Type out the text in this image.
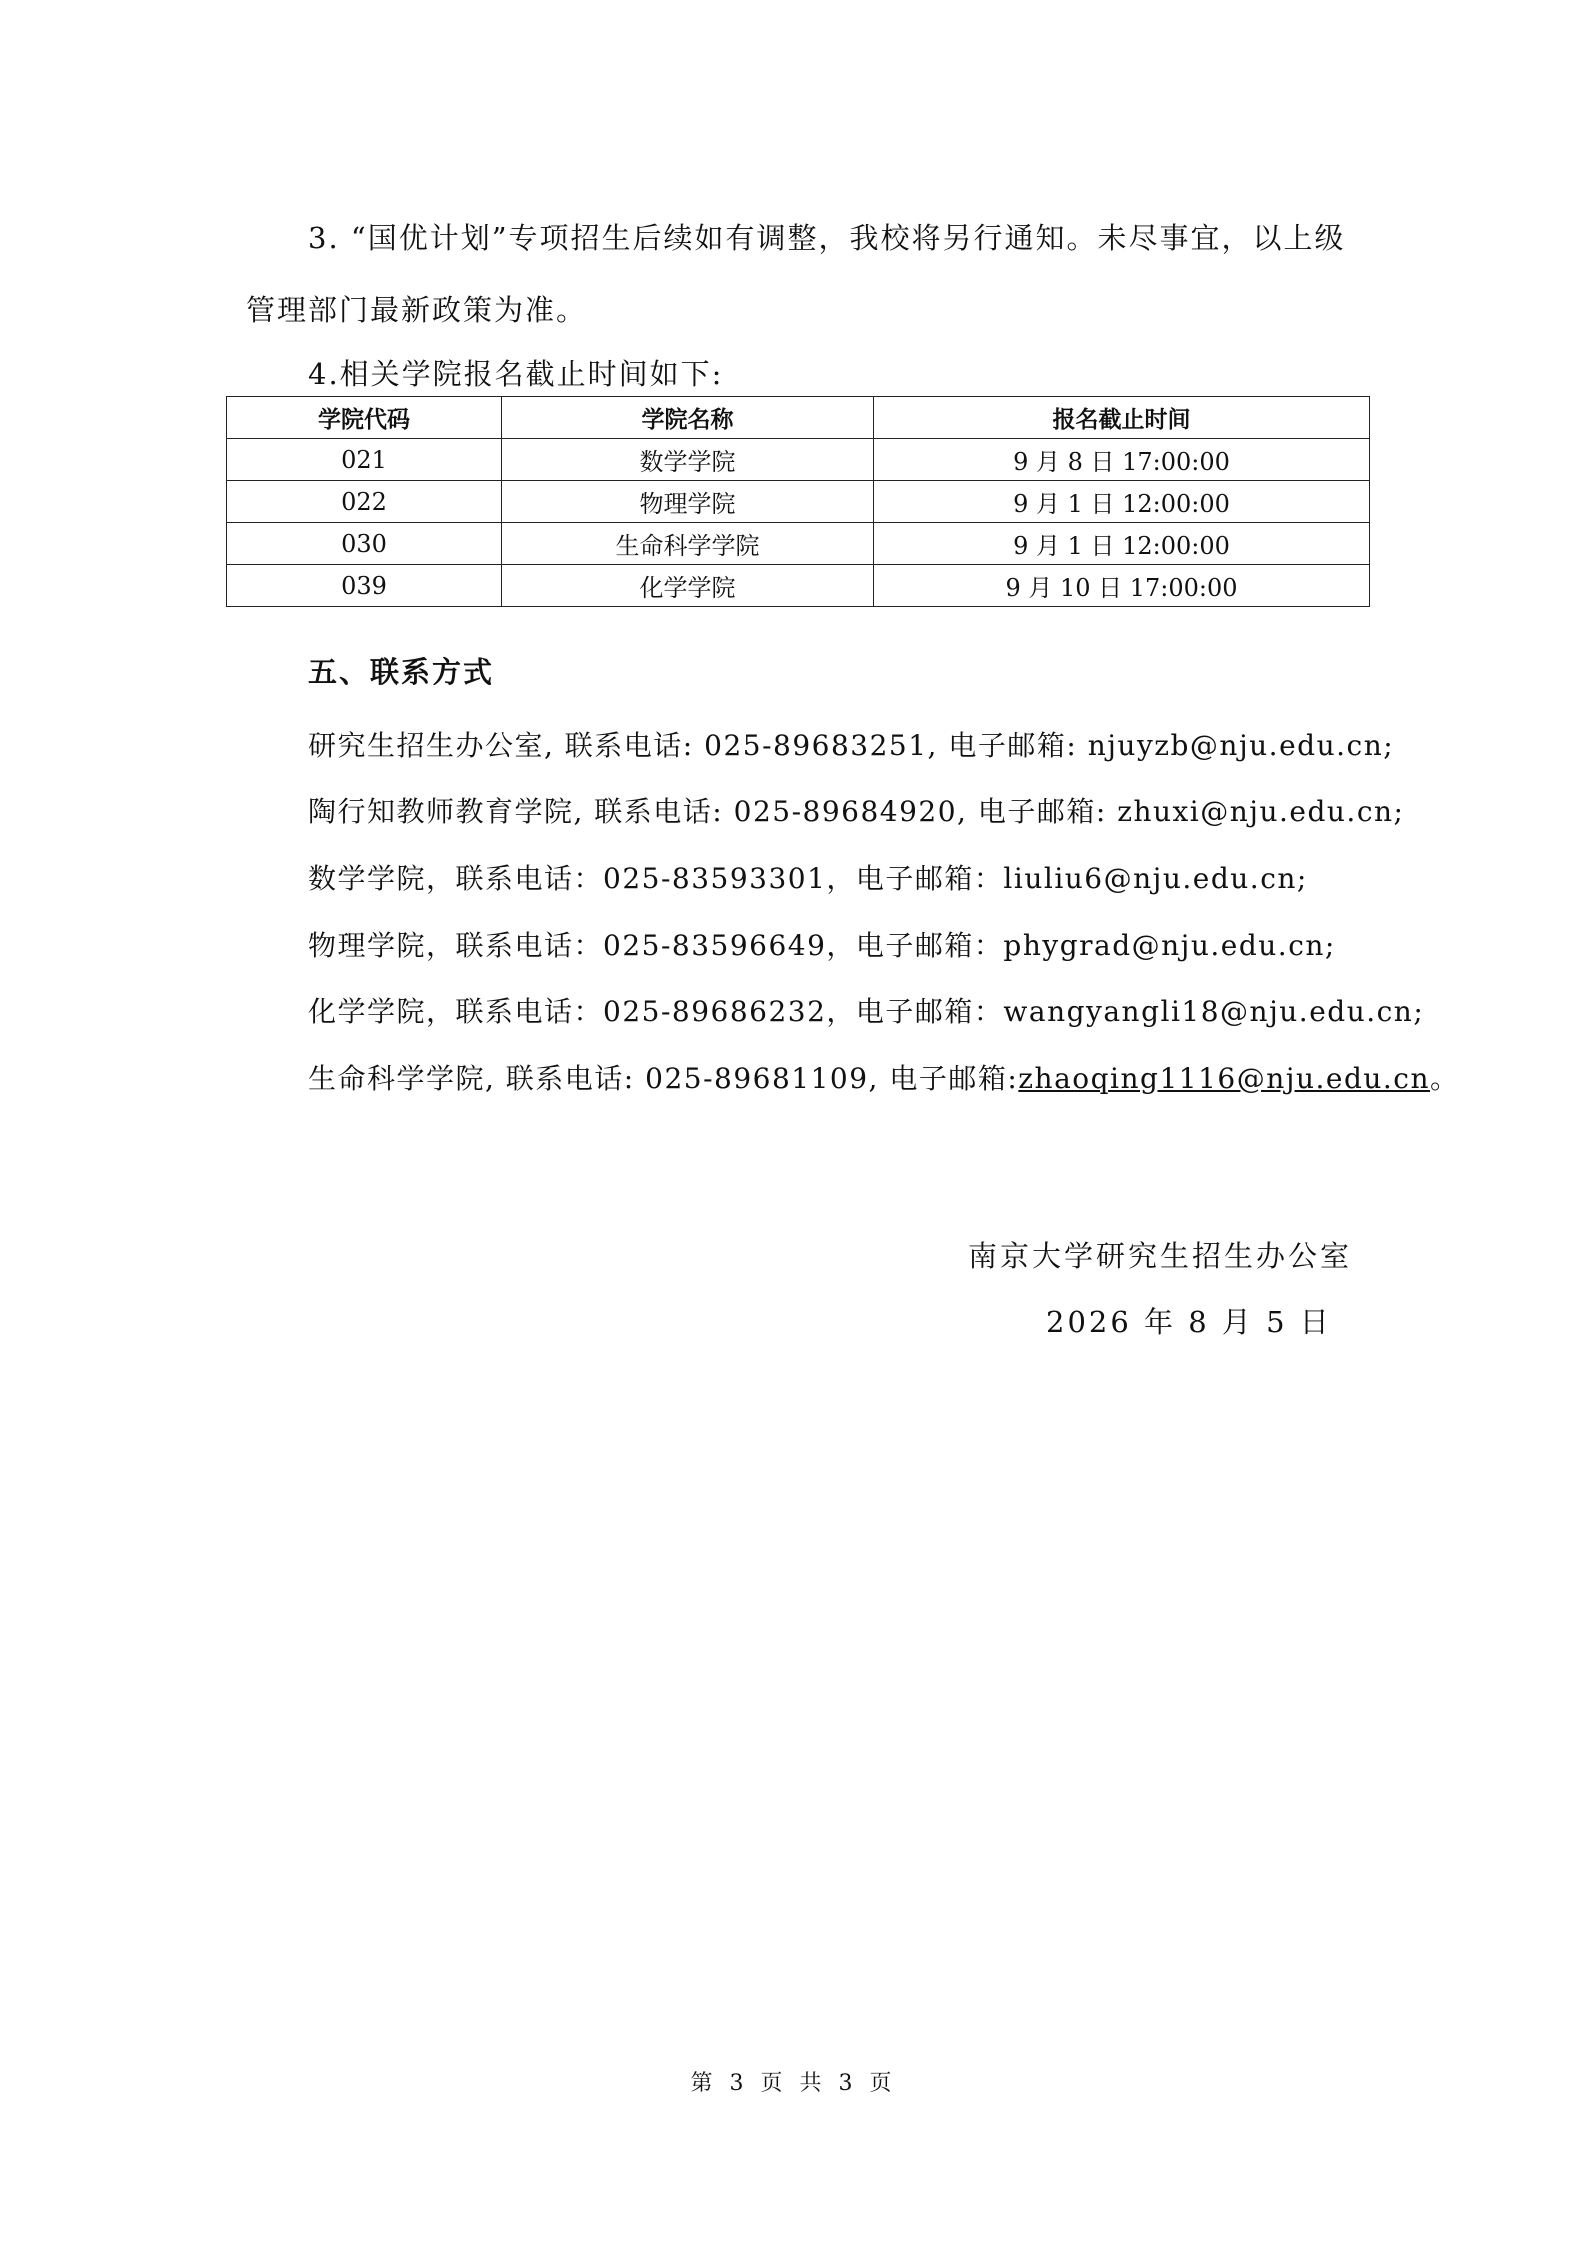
3. “国优计划”专项招生后续如有调整，我校将另行通知。未尽事宜，以上级管理部门最新政策为准。

4.相关学院报名截止时间如下:
学院代码	学院名称	报名截止时间
021	数学学院	9 月 8 日 17:00:00
022	物理学院	9 月 1 日 12:00:00
030	生命科学学院	9 月 1 日 12:00:00
039	化学学院	9 月 10 日 17:00:00
五、联系方式
研究生招生办公室, 联系电话: 025-89683251, 电子邮箱: njuyzb@nju.edu.cn;
陶行知教师教育学院, 联系电话: 025-89684920, 电子邮箱: zhuxi@nju.edu.cn;
数学学院，联系电话：025-83593301，电子邮箱：liuliu6@nju.edu.cn;
物理学院，联系电话：025-83596649，电子邮箱：phygrad@nju.edu.cn;
化学学院，联系电话：025-89686232，电子邮箱：wangyangli18@nju.edu.cn;
生命科学学院, 联系电话: 025-89681109, 电子邮箱:zhaoqing1116@nju.edu.cn。
南京大学研究生招生办公室
2026 年 8 月 5 日
第 3 页 共 3 页
